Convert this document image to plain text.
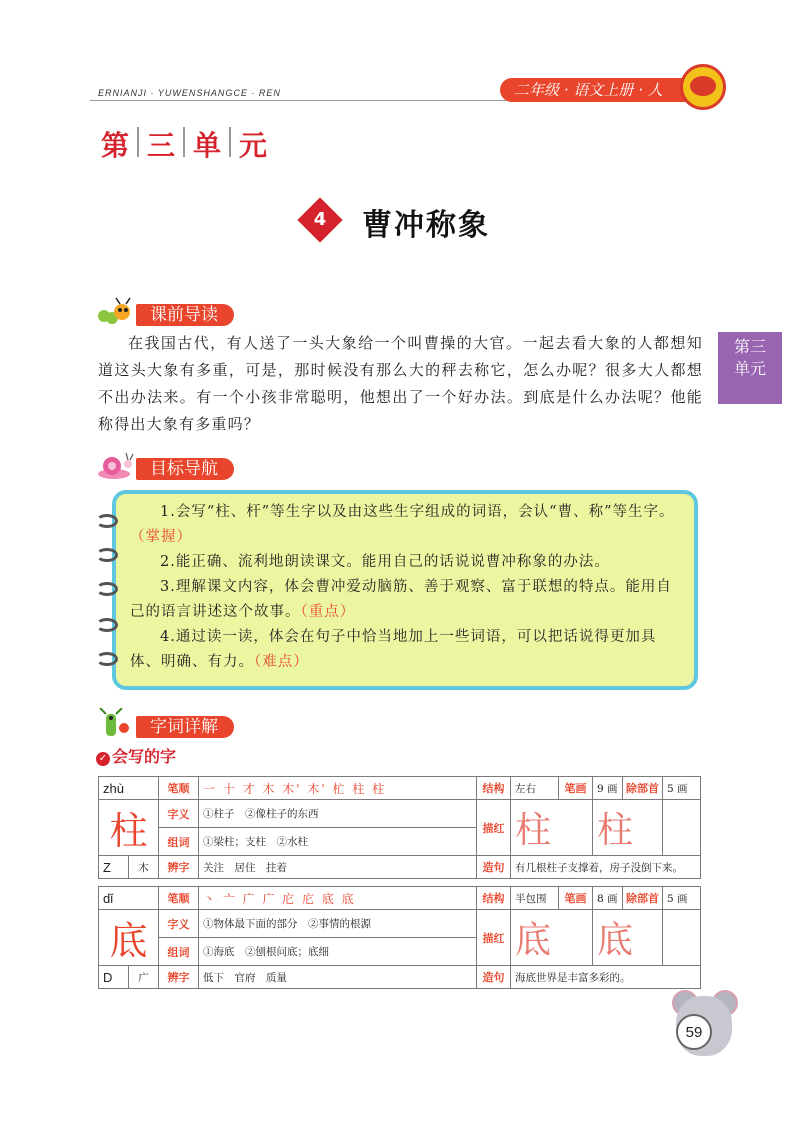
ERNIANJI · YUWENSHANGCE · REN	二年级 · 语文上册 · 人
第 三 单 元
4	曹冲称象
第三
单元
课前导读
在我国古代，有人送了一头大象给一个叫曹操的大官。一起去看大象的人都想知道这头大象有多重，可是，那时候没有那么大的秤去称它，怎么办呢？很多大人都想不出办法来。有一个小孩非常聪明，他想出了一个好办法。到底是什么办法呢？他能称得出大象有多重吗？
目标导航

1.会写“柱、杆”等生字以及由这些生字组成的词语，会认“曹、称”等生字。（掌握）

2.能正确、流利地朗读课文。能用自己的话说说曹冲称象的办法。

3.理解课文内容，体会曹冲爱动脑筋、善于观察、富于联想的特点。能用自己的语言讲述这个故事。（重点）

4.通过读一读，体会在句子中恰当地加上一些词语，可以把话说得更加具体、明确、有力。（难点）

字词详解
✓ 会写的字
zhù		笔顺	一 十 才 木 木' 木' 杧 柱 柱	结构	左右	笔画	9 画	除部首	5 画
柱		字义	①柱子　②像柱子的东西	描红	柱		柱		
		组词	①梁柱；支柱　②水柱						
Z	木	辨字	关注　居住　拄着	造句	有几根柱子支撑着，房子没倒下来。				
dǐ		笔顺	丶 亠 广 广 庀 庀 底 底	结构	半包围	笔画	8 画	除部首	5 画
底		字义	①物体最下面的部分　②事情的根源	描红	底		底		
		组词	①海底　②刨根问底；底细						
D	广	辨字	低下　官府　质量	造句	海底世界是丰富多彩的。				
59
